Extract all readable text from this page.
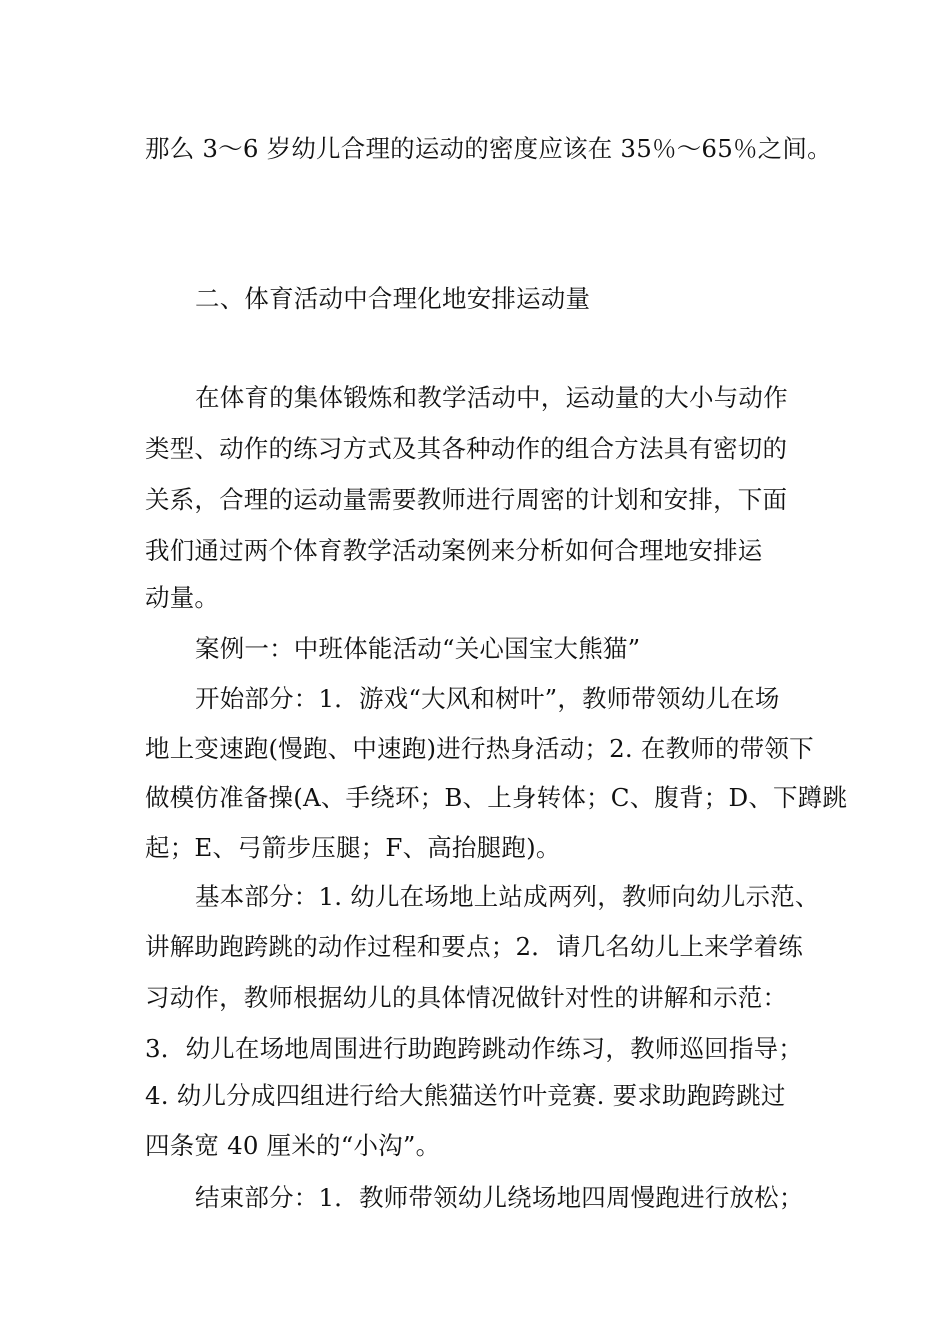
那么 3～6 岁幼儿合理的运动的密度应该在 35％～65％之间。
二、体育活动中合理化地安排运动量
在体育的集体锻炼和教学活动中，运动量的大小与动作
类型、动作的练习方式及其各种动作的组合方法具有密切的
关系，合理的运动量需要教师进行周密的计划和安排，下面
我们通过两个体育教学活动案例来分析如何合理地安排运
动量。
案例一：中班体能活动“关心国宝大熊猫”
开始部分：1．游戏“大风和树叶”，教师带领幼儿在场
地上变速跑(慢跑、中速跑)进行热身活动；2. 在教师的带领下
做模仿准备操(A、手绕环；B、上身转体；C、腹背；D、下蹲跳
起；E、弓箭步压腿；F、高抬腿跑)。
基本部分：1. 幼儿在场地上站成两列，教师向幼儿示范、
讲解助跑跨跳的动作过程和要点；2．请几名幼儿上来学着练
习动作，教师根据幼儿的具体情况做针对性的讲解和示范：
3．幼儿在场地周围进行助跑跨跳动作练习，教师巡回指导；
4. 幼儿分成四组进行给大熊猫送竹叶竞赛. 要求助跑跨跳过
四条宽 40 厘米的“小沟”。
结束部分：1．教师带领幼儿绕场地四周慢跑进行放松；
